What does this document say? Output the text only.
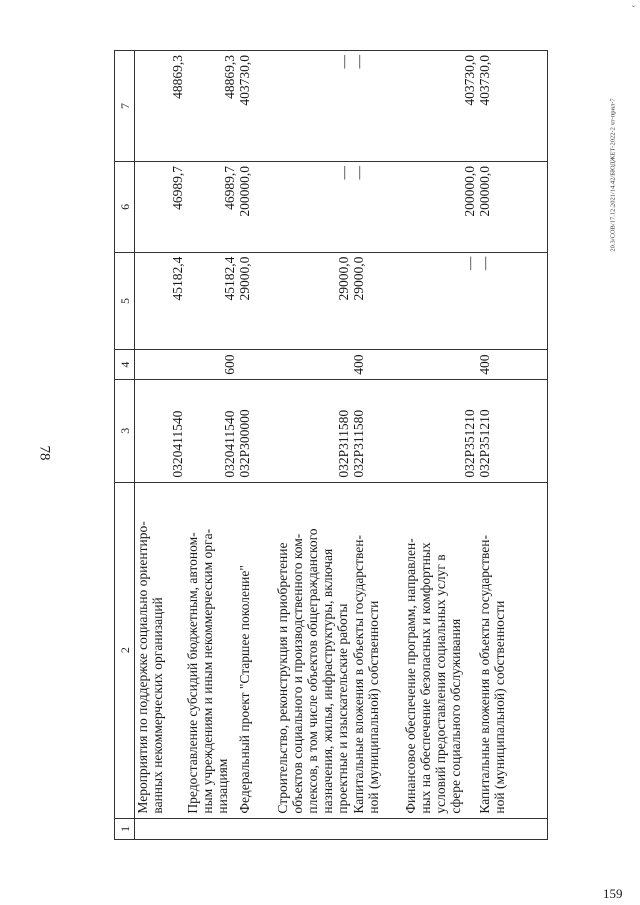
ˇ
78
20.3/СОВ/17.12.2021/14.42/БЮДЖЕТ-2022-2 чт-прил-7
159
1	2	3	4	5	6	7
	Мероприятия по поддержке социально ориентиро-
ванных некоммерческих организаций	0320411540		45182,4	46989,7	48869,3
	Предоставление субсидий бюджетным, автоном-
ным учреждениям и иным некоммерческим орга-
низациям	0320411540	600	45182,4	46989,7	48869,3
	Федеральный проект "Старшее поколение"	032P300000		29000,0	200000,0	403730,0
	Строительство, реконструкция и приобретение
объектов социального и производственного ком-
плексов, в том числе объектов общегражданского
назначения, жилья, инфраструктуры, включая
проектные и изыскательские работы	032P311580		29000,0	—	—
	Капитальные вложения в объекты государствен-
ной (муниципальной) собственности	032P311580	400	29000,0	—	—
	Финансовое обеспечение программ, направлен-
ных на обеспечение безопасных и комфортных
условий предоставления социальных услуг в
сфере социального обслуживания	032P351210		—	200000,0	403730,0
	Капитальные вложения в объекты государствен-
ной (муниципальной) собственности	032P351210	400	—	200000,0	403730,0
